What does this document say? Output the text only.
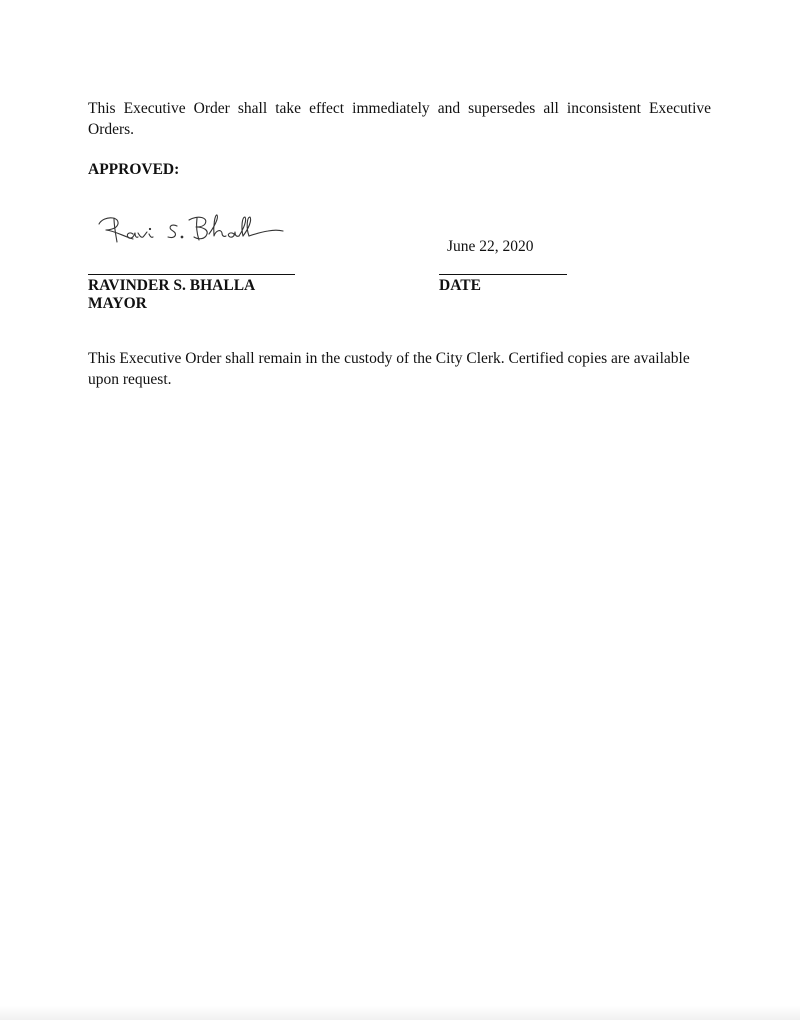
This Executive Order shall take effect immediately and supersedes all inconsistent Executive Orders.

APPROVED:

June 22, 2020
RAVINDER S. BHALLA
MAYOR
DATE

This Executive Order shall remain in the custody of the City Clerk. Certified copies are available upon request.
